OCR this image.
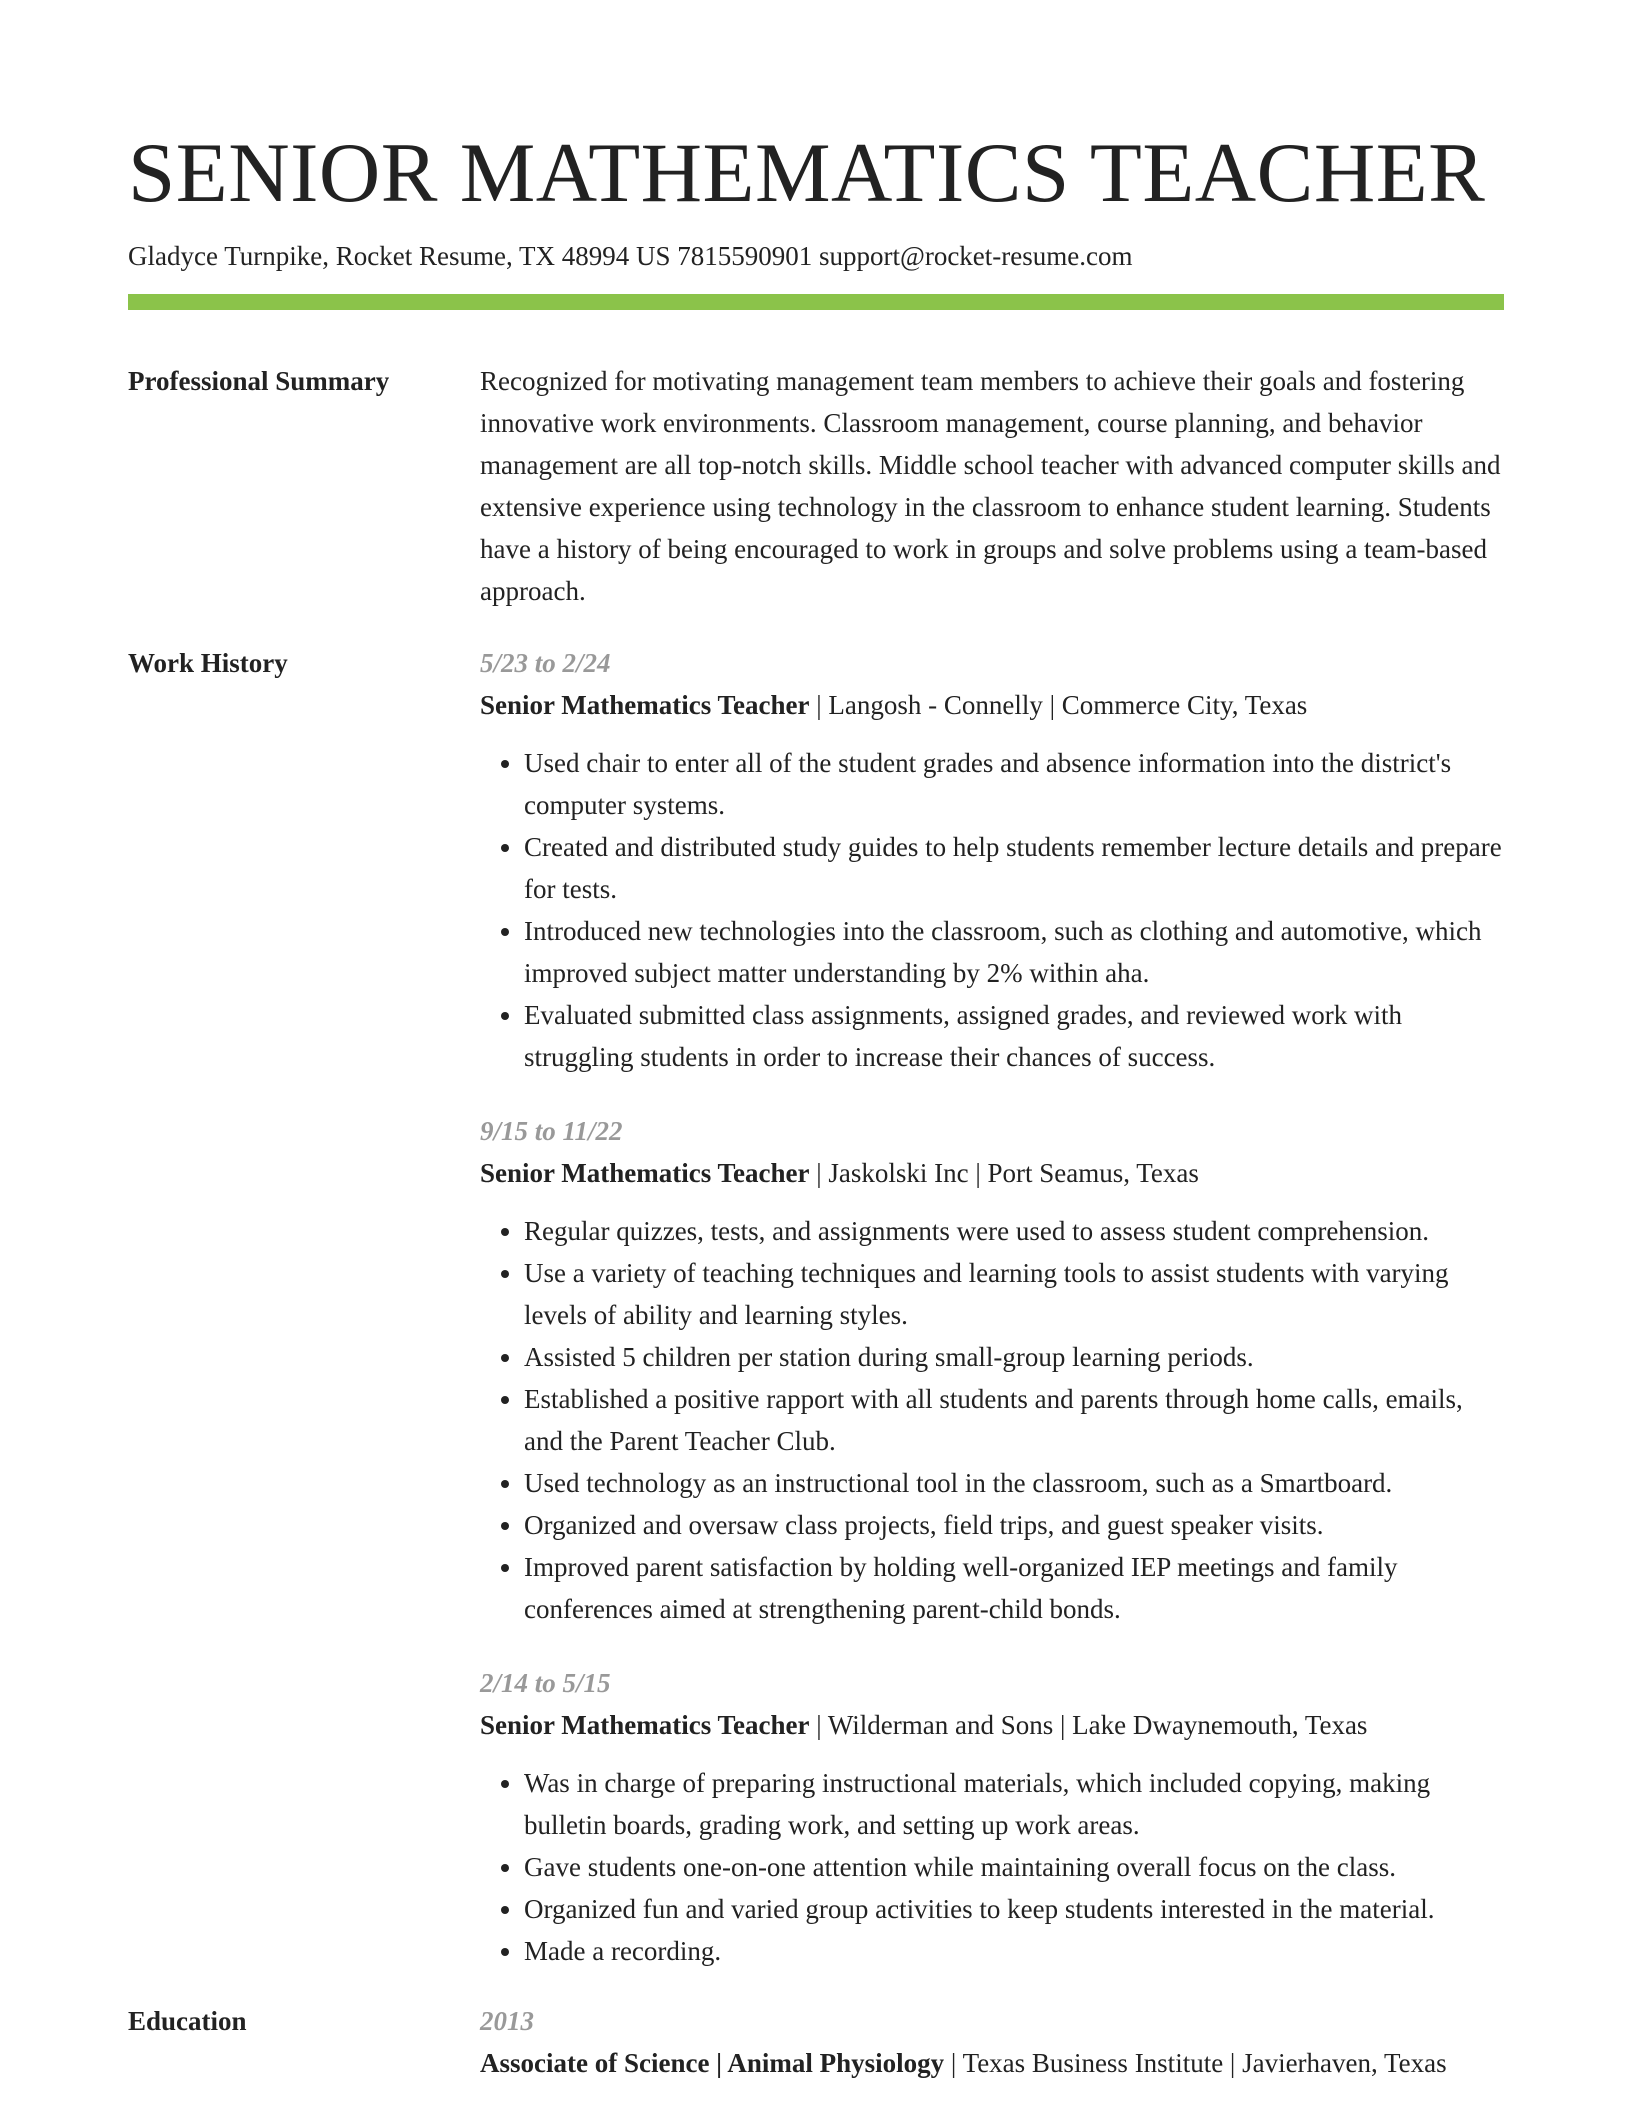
SENIOR MATHEMATICS TEACHER
Gladyce Turnpike, Rocket Resume, TX 48994 US 7815590901 support@rocket-resume.com
Professional Summary	Recognized for motivating management team members to achieve their goals and fostering innovative work environments. Classroom management, course planning, and behavior management are all top-notch skills. Middle school teacher with advanced computer skills and extensive experience using technology in the classroom to enhance student learning. Students have a history of being encouraged to work in groups and solve problems using a team-based approach.

Work History	5/23 to 2/24
Senior Mathematics Teacher | Langosh - Connelly | Commerce City, Texas
• Used chair to enter all of the student grades and absence information into the district's computer systems.
• Created and distributed study guides to help students remember lecture details and prepare for tests.
• Introduced new technologies into the classroom, such as clothing and automotive, which improved subject matter understanding by 2% within aha.
• Evaluated submitted class assignments, assigned grades, and reviewed work with struggling students in order to increase their chances of success.
9/15 to 11/22
Senior Mathematics Teacher | Jaskolski Inc | Port Seamus, Texas
• Regular quizzes, tests, and assignments were used to assess student comprehension.
• Use a variety of teaching techniques and learning tools to assist students with varying levels of ability and learning styles.
• Assisted 5 children per station during small-group learning periods.
• Established a positive rapport with all students and parents through home calls, emails, and the Parent Teacher Club.
• Used technology as an instructional tool in the classroom, such as a Smartboard.
• Organized and oversaw class projects, field trips, and guest speaker visits.
• Improved parent satisfaction by holding well-organized IEP meetings and family conferences aimed at strengthening parent-child bonds.
2/14 to 5/15
Senior Mathematics Teacher | Wilderman and Sons | Lake Dwaynemouth, Texas
• Was in charge of preparing instructional materials, which included copying, making bulletin boards, grading work, and setting up work areas.
• Gave students one-on-one attention while maintaining overall focus on the class.
• Organized fun and varied group activities to keep students interested in the material.
• Made a recording.
Education	2013
Associate of Science | Animal Physiology | Texas Business Institute | Javierhaven, Texas
